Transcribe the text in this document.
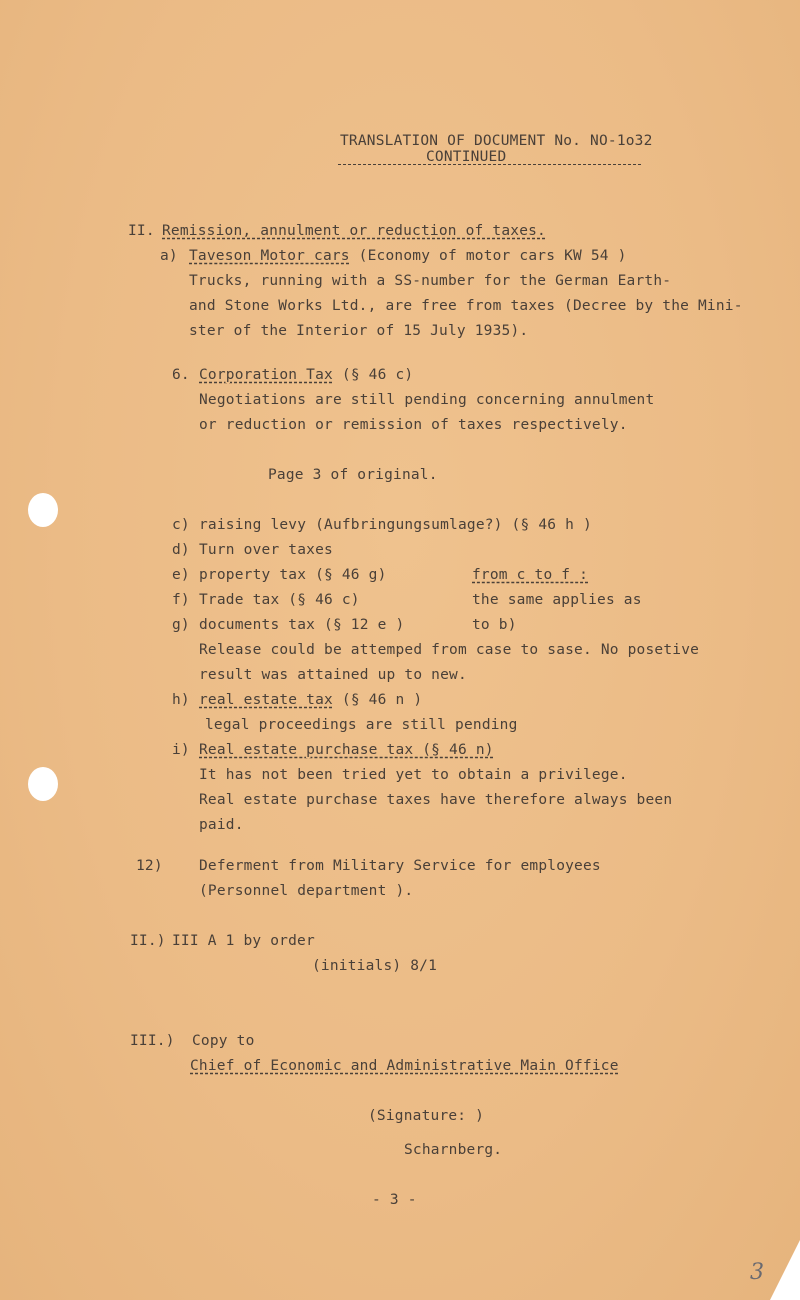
TRANSLATION OF DOCUMENT No. NO-1o32
CONTINUED
II. Remission, annulment or reduction of taxes.
a) Taveson Motor cars (Economy of motor cars KW 54 )
Trucks, running with a SS-number for the German Earth-
and Stone Works Ltd., are free from taxes (Decree by the Mini-
ster of the Interior of 15 July 1935).
6. Corporation Tax (§ 46 c)
Negotiations are still pending concerning annulment
or reduction or remission of taxes respectively.
Page 3 of original.
c) raising levy (Aufbringungsumlage?) (§ 46 h )
d) Turn over taxes
e) property tax (§ 46 g)
f) Trade tax (§ 46 c)
g) documents tax (§ 12 e )
from c to f :
the same applies as
to b)
Release could be attemped from case to sase. No posetive
result was attained up to new.
h) real estate tax (§ 46 n )
legal proceedings are still pending
i) Real estate purchase tax (§ 46 n)
It has not been tried yet to obtain a privilege.
Real estate purchase taxes have therefore always been
paid.
12) Deferment from Military Service for employees
(Personnel department ).
II.) III A 1 by order
(initials) 8/1
III.) Copy to
Chief of Economic and Administrative Main Office
(Signature: )
Scharnberg.
- 3 -
3
